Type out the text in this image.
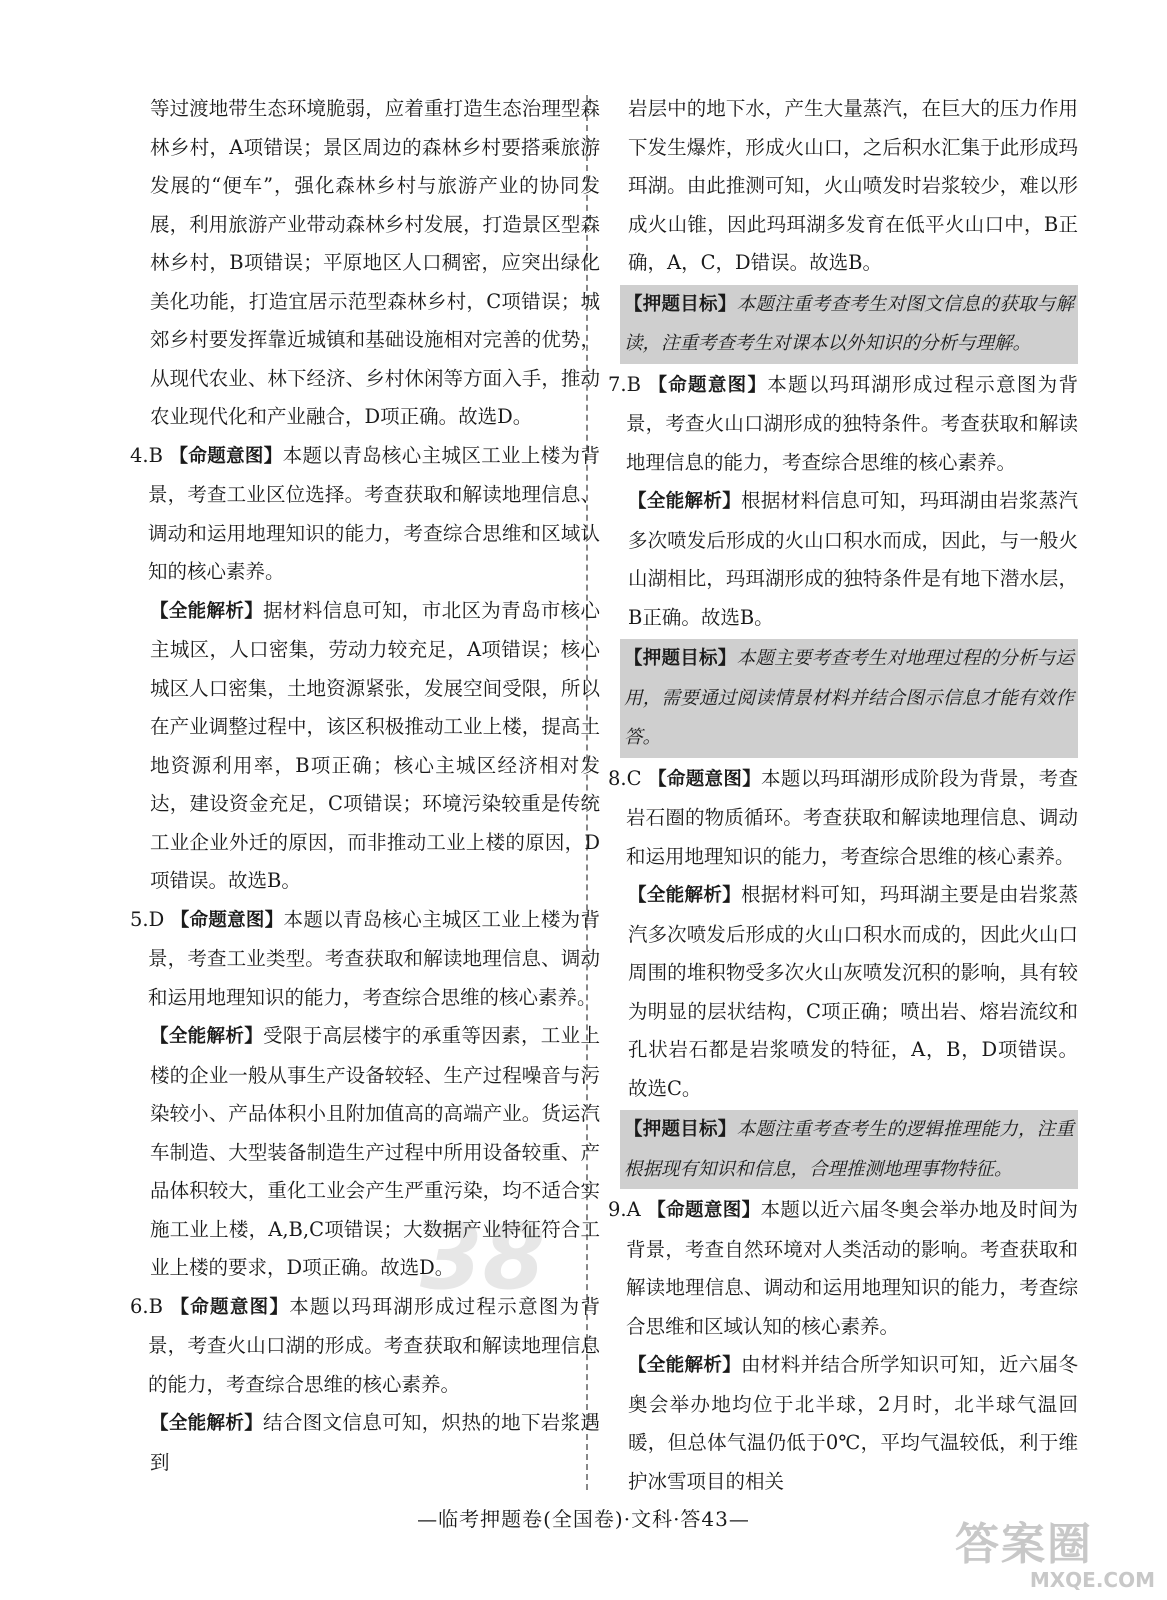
38

等过渡地带生态环境脆弱，应着重打造生态治理型森林乡村，A项错误；景区周边的森林乡村要搭乘旅游发展的“便车”，强化森林乡村与旅游产业的协同发展，利用旅游产业带动森林乡村发展，打造景区型森林乡村，B项错误；平原地区人口稠密，应突出绿化美化功能，打造宜居示范型森林乡村，C项错误；城郊乡村要发挥靠近城镇和基础设施相对完善的优势，从现代农业、林下经济、乡村休闲等方面入手，推动农业现代化和产业融合，D项正确。故选D。

4.B 【命题意图】本题以青岛核心主城区工业上楼为背景，考查工业区位选择。考查获取和解读地理信息、调动和运用地理知识的能力，考查综合思维和区域认知的核心素养。

【全能解析】据材料信息可知，市北区为青岛市核心主城区，人口密集，劳动力较充足，A项错误；核心城区人口密集，土地资源紧张，发展空间受限，所以在产业调整过程中，该区积极推动工业上楼，提高土地资源利用率，B项正确；核心主城区经济相对发达，建设资金充足，C项错误；环境污染较重是传统工业企业外迁的原因，而非推动工业上楼的原因，D项错误。故选B。

5.D 【命题意图】本题以青岛核心主城区工业上楼为背景，考查工业类型。考查获取和解读地理信息、调动和运用地理知识的能力，考查综合思维的核心素养。

【全能解析】受限于高层楼宇的承重等因素，工业上楼的企业一般从事生产设备较轻、生产过程噪音与污染较小、产品体积小且附加值高的高端产业。货运汽车制造、大型装备制造生产过程中所用设备较重、产品体积较大，重化工业会产生严重污染，均不适合实施工业上楼，A,B,C项错误；大数据产业特征符合工业上楼的要求，D项正确。故选D。

6.B 【命题意图】本题以玛珥湖形成过程示意图为背景，考查火山口湖的形成。考查获取和解读地理信息的能力，考查综合思维的核心素养。

【全能解析】结合图文信息可知，炽热的地下岩浆遇到

岩层中的地下水，产生大量蒸汽，在巨大的压力作用下发生爆炸，形成火山口，之后积水汇集于此形成玛珥湖。由此推测可知，火山喷发时岩浆较少，难以形成火山锥，因此玛珥湖多发育在低平火山口中，B正确，A，C，D错误。故选B。

【押题目标】本题注重考查考生对图文信息的获取与解读，注重考查考生对课本以外知识的分析与理解。

7.B 【命题意图】本题以玛珥湖形成过程示意图为背景，考查火山口湖形成的独特条件。考查获取和解读地理信息的能力，考查综合思维的核心素养。

【全能解析】根据材料信息可知，玛珥湖由岩浆蒸汽多次喷发后形成的火山口积水而成，因此，与一般火山湖相比，玛珥湖形成的独特条件是有地下潜水层，B正确。故选B。

【押题目标】本题主要考查考生对地理过程的分析与运用，需要通过阅读情景材料并结合图示信息才能有效作答。

8.C 【命题意图】本题以玛珥湖形成阶段为背景，考查岩石圈的物质循环。考查获取和解读地理信息、调动和运用地理知识的能力，考查综合思维的核心素养。

【全能解析】根据材料可知，玛珥湖主要是由岩浆蒸汽多次喷发后形成的火山口积水而成的，因此火山口周围的堆积物受多次火山灰喷发沉积的影响，具有较为明显的层状结构，C项正确；喷出岩、熔岩流纹和孔状岩石都是岩浆喷发的特征，A，B，D项错误。故选C。

【押题目标】本题注重考查考生的逻辑推理能力，注重根据现有知识和信息，合理推测地理事物特征。

9.A 【命题意图】本题以近六届冬奥会举办地及时间为背景，考查自然环境对人类活动的影响。考查获取和解读地理信息、调动和运用地理知识的能力，考查综合思维和区域认知的核心素养。

【全能解析】由材料并结合所学知识可知，近六届冬奥会举办地均位于北半球，2月时，北半球气温回暖，但总体气温仍低于0℃，平均气温较低，利于维护冰雪项目的相关

—临考押题卷(全国卷)·文科·答43—	答案圈
MXQE.COM
